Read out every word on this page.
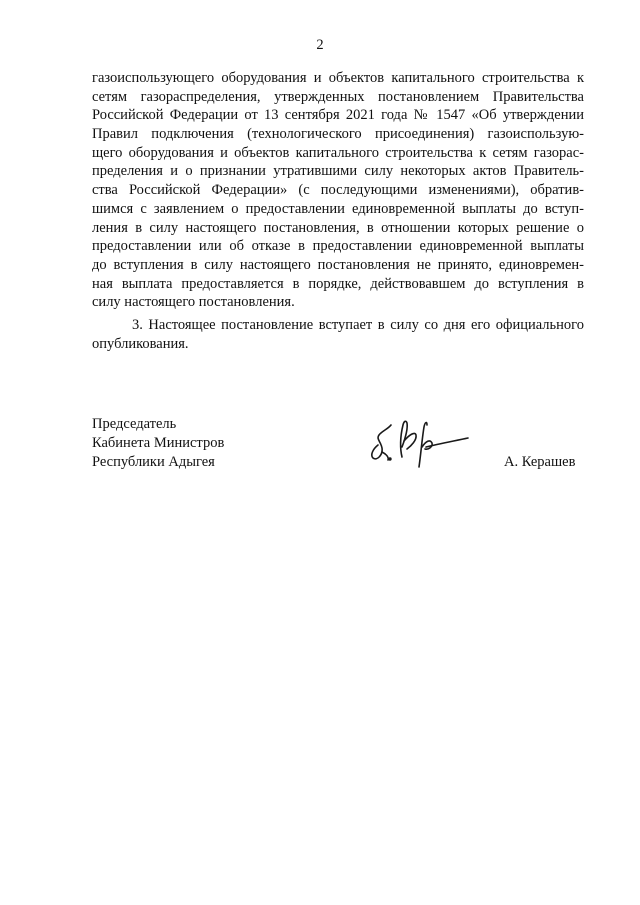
2
газоиспользующего оборудования и объектов капитального строительства к
сетям газораспределения, утвержденных постановлением Правительства
Российской Федерации от 13 сентября 2021 года № 1547 «Об утверждении
Правил подключения (технологического присоединения) газоиспользую-
щего оборудования и объектов капитального строительства к сетям газорас-
пределения и о признании утратившими силу некоторых актов Правитель-
ства Российской Федерации» (с последующими изменениями), обратив-
шимся с заявлением о предоставлении единовременной выплаты до вступ-
ления в силу настоящего постановления, в отношении которых решение о
предоставлении или об отказе в предоставлении единовременной выплаты
до вступления в силу настоящего постановления не принято, единовремен-
ная выплата предоставляется в порядке, действовавшем до вступления в
силу настоящего постановления.
3. Настоящее постановление вступает в силу со дня его официального
опубликования.
Председатель
Кабинета Министров
Республики Адыгея	А. Керашев
